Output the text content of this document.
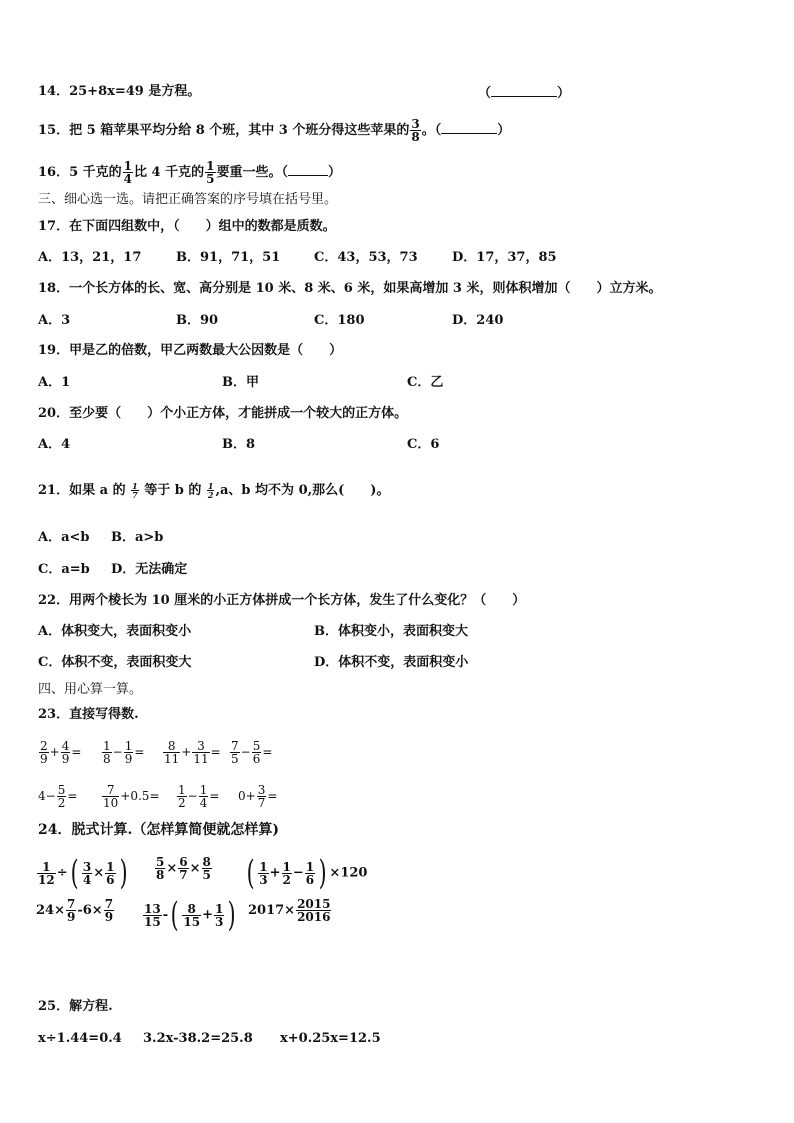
14．25+8x=49 是方程。	（	）
15．把 5 箱苹果平均分给 8 个班，其中 3 个班分得这些苹果的 $\frac{3}{8}$ 。（	）
16．5 千克的 $\frac{1}{4}$ 比 4 千克的 $\frac{1}{5}$ 要重一些。（	）
三、细心选一选。请把正确答案的序号填在括号里。
17．在下面四组数中，（　　）组中的数都是质数。
A．13，21，17	B．91，71，51	C．43，53，73	D．17，37，85
18．一个长方体的长、宽、高分别是 10 米、8 米、6 米，如果高增加 3 米，则体积增加（　　）立方米。
A．3	B．90	C．180	D．240
19．甲是乙的倍数，甲乙两数最大公因数是（　　）
A．1	B．甲	C．乙
20．至少要（　　）个小正方体，才能拼成一个较大的正方体。
A．4	B．8	C．6
21．如果 a 的 $\frac{1}{7}$ 等于 b 的 $\frac{1}{2} ,a$、b 均不为 0,那么(　　)。
A．a<b B．a>b
C．a=b D．无法确定
22．用两个棱长为 10 厘米的小正方体拼成一个长方体，发生了什么变化？（　　）
A．体积变大，表面积变小	B．体积变小，表面积变大
C．体积不变，表面积变大	D．体积不变，表面积变小
四、用心算一算。
23．直接写得数.
$\frac{2}{9} + \frac{4}{9} = \frac{1}{8} - \frac{1}{9} = \frac{8}{11} + \frac{3}{11} = \frac{7}{5} - \frac{5}{6}$ =
$4- \frac{5}{2} = \frac{7}{10} +0.5= \frac{1}{2} - \frac{1}{4} = 0+ \frac{3}{7}$ =
24．脱式计算.（怎样算简便就怎样算)
$\frac{1}{12}$ ÷( $\frac{3}{4} \times \frac{1}{6}$ ) $\frac{5}{8} \times \frac{6}{7} \times \frac{8}{5}$ ( $\frac{1}{3} + \frac{1}{2} - \frac{1}{6}$ ) ×120
$24\times \frac{7}{9} -6\times \frac{7}{9} \frac{13}{15}$ -( $\frac{8}{15} + \frac{1}{3}$ ) $2017\times \frac{2015}{2016}$
25．解方程.
x÷1.44=0.4 3.2x-38.2=25.8 x+0.25x=12.5
